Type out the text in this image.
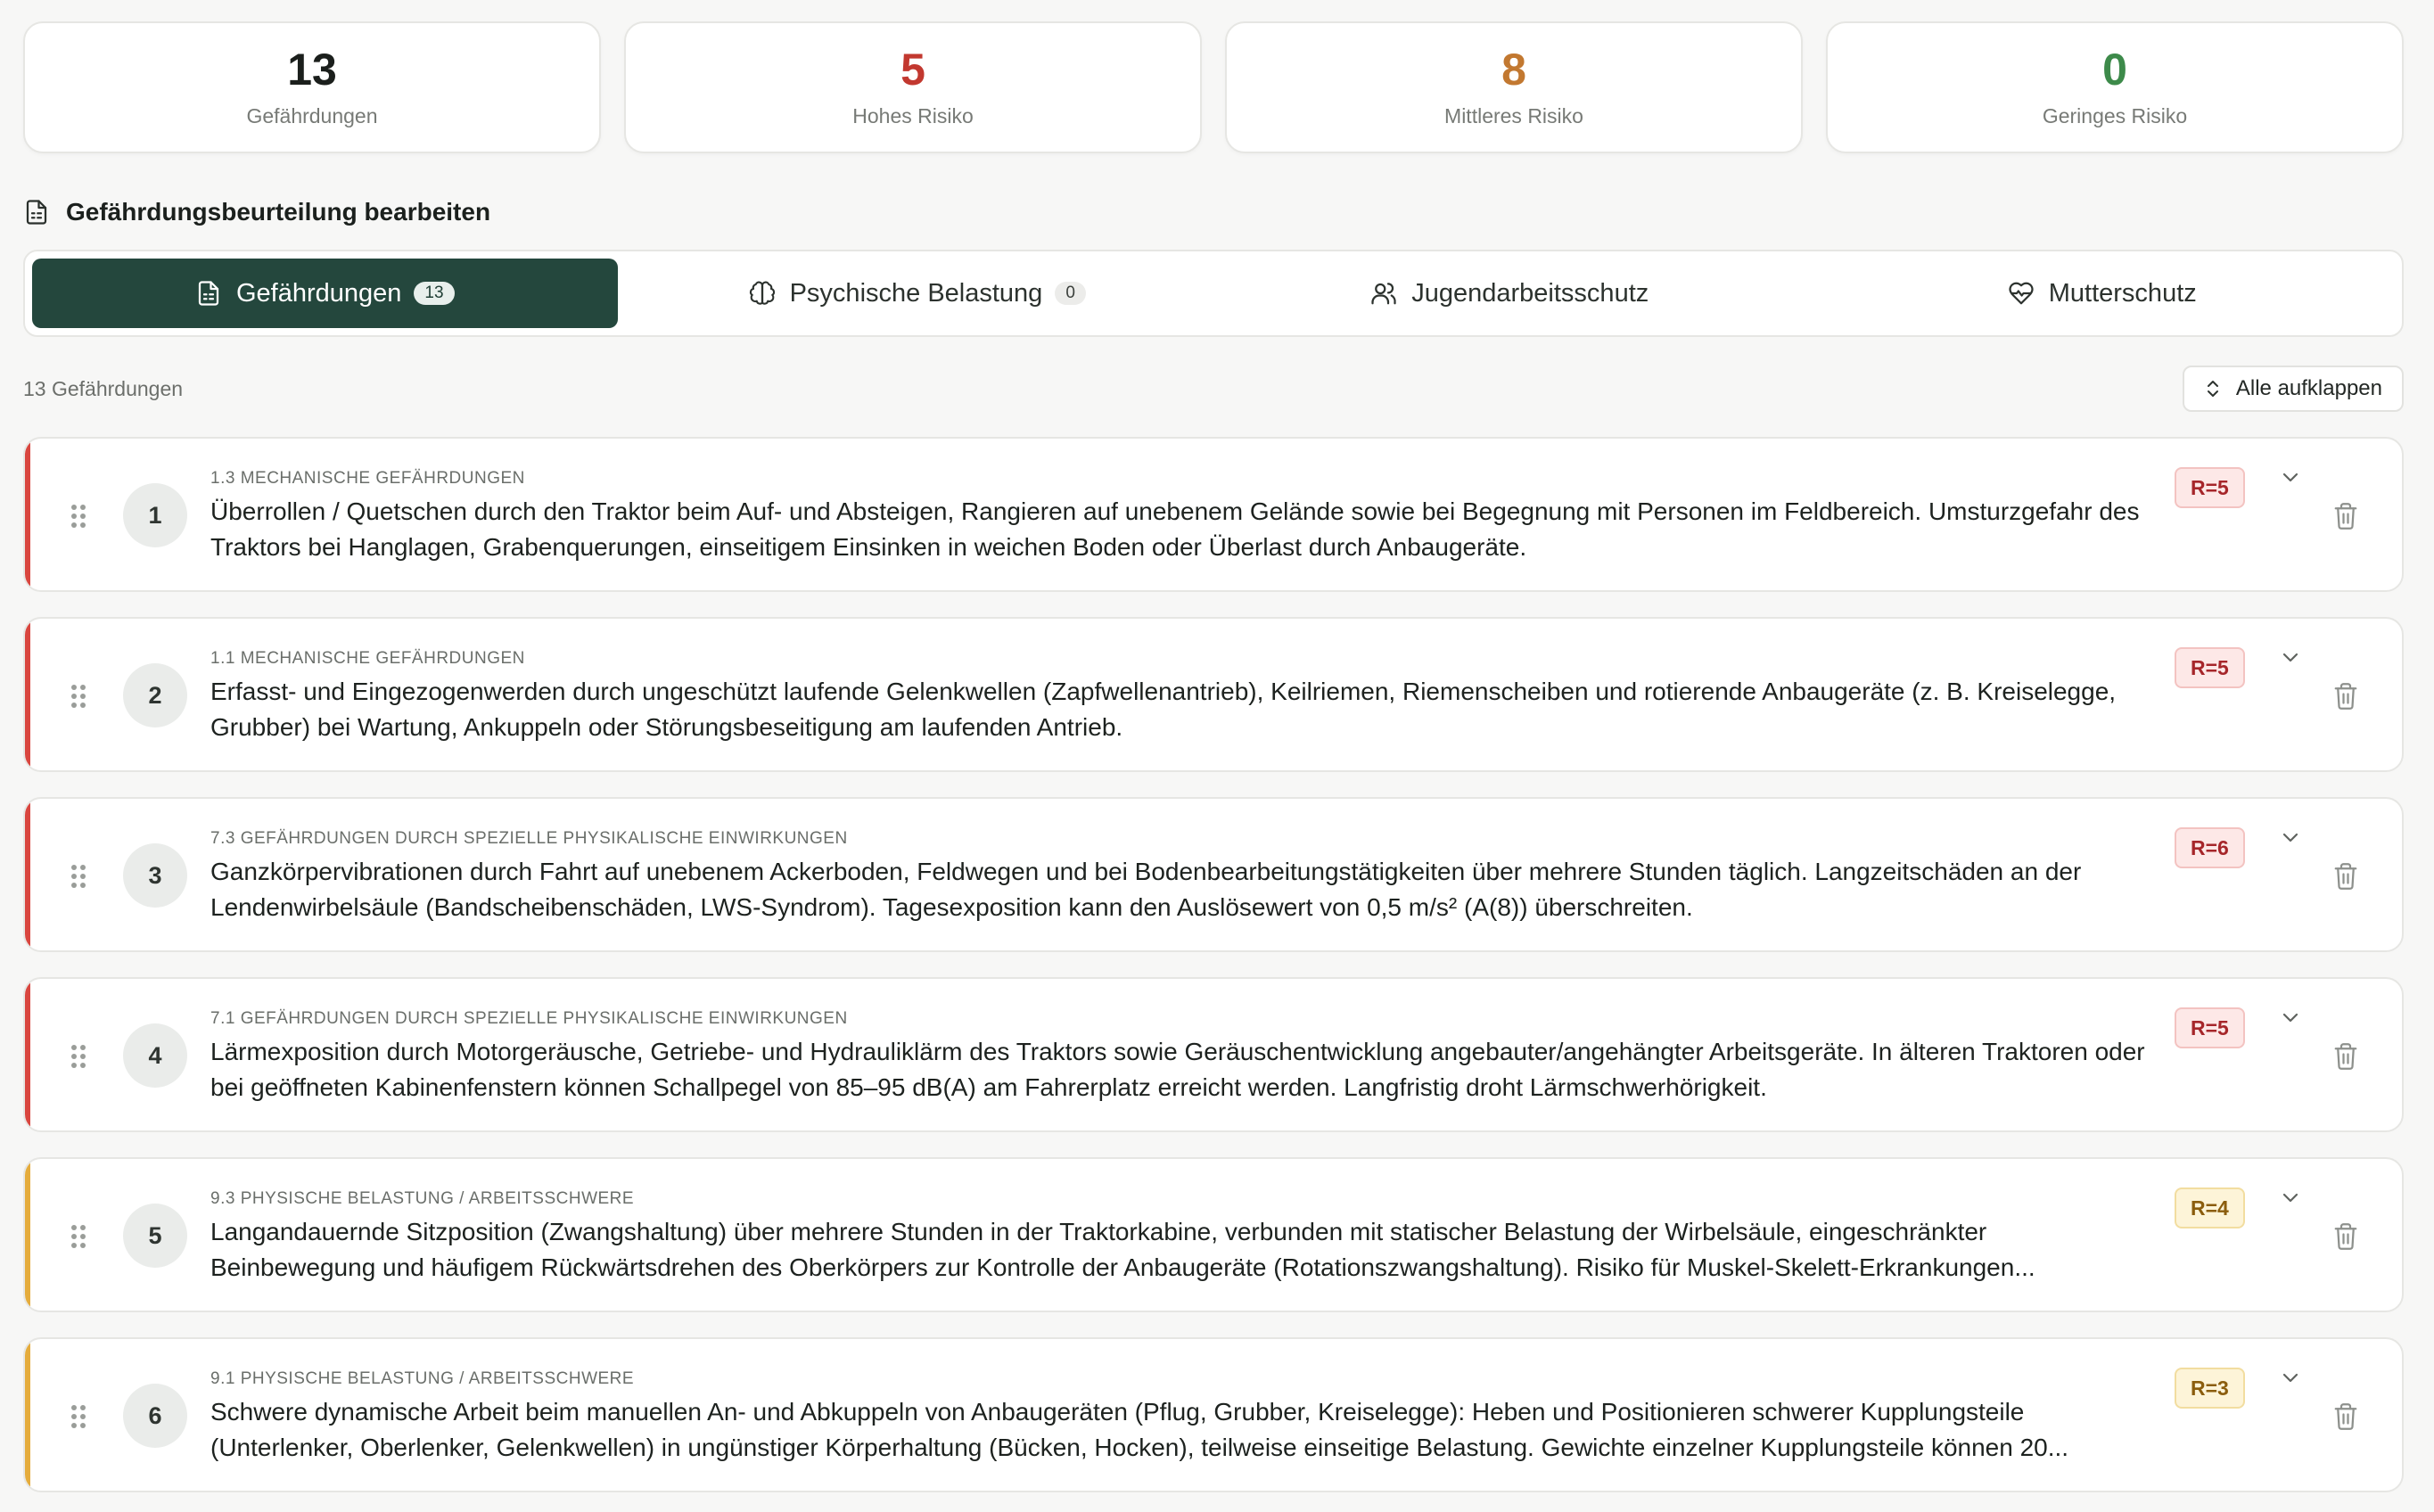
13
Gefährdungen
5
Hohes Risiko
8
Mittleres Risiko
0
Geringes Risiko
Gefährdungsbeurteilung bearbeiten
Gefährdungen	13	Psychische Belastung	0	Jugendarbeitsschutz	Mutterschutz
13 Gefährdungen	Alle aufklappen
1
1.3 MECHANISCHE GEFÄHRDUNGEN
Überrollen / Quetschen durch den Traktor beim Auf- und Absteigen, Rangieren auf unebenem Gelände sowie bei Begegnung mit Personen im Feldbereich. Umsturzgefahr des Traktors bei Hanglagen, Grabenquerungen, einseitigem Einsinken in weichen Boden oder Überlast durch Anbaugeräte.
R=5
2
1.1 MECHANISCHE GEFÄHRDUNGEN
Erfasst- und Eingezogenwerden durch ungeschützt laufende Gelenkwellen (Zapfwellenantrieb), Keilriemen, Riemenscheiben und rotierende Anbaugeräte (z. B. Kreiselegge, Grubber) bei Wartung, Ankuppeln oder Störungsbeseitigung am laufenden Antrieb.
R=5
3
7.3 GEFÄHRDUNGEN DURCH SPEZIELLE PHYSIKALISCHE EINWIRKUNGEN
Ganzkörpervibrationen durch Fahrt auf unebenem Ackerboden, Feldwegen und bei Bodenbearbeitungstätigkeiten über mehrere Stunden täglich. Langzeitschäden an der Lendenwirbelsäule (Bandscheibenschäden, LWS-Syndrom). Tagesexposition kann den Auslösewert von 0,5 m/s² (A(8)) überschreiten.
R=6
4
7.1 GEFÄHRDUNGEN DURCH SPEZIELLE PHYSIKALISCHE EINWIRKUNGEN
Lärmexposition durch Motorgeräusche, Getriebe- und Hydrauliklärm des Traktors sowie Geräuschentwicklung angebauter/angehängter Arbeitsgeräte. In älteren Traktoren oder bei geöffneten Kabinenfenstern können Schallpegel von 85–95 dB(A) am Fahrerplatz erreicht werden. Langfristig droht Lärmschwerhörigkeit.
R=5
5
9.3 PHYSISCHE BELASTUNG / ARBEITSSCHWERE
Langandauernde Sitzposition (Zwangshaltung) über mehrere Stunden in der Traktorkabine, verbunden mit statischer Belastung der Wirbelsäule, eingeschränkter Beinbewegung und häufigem Rückwärtsdrehen des Oberkörpers zur Kontrolle der Anbaugeräte (Rotationszwangshaltung). Risiko für Muskel-Skelett-Erkrankungen...
R=4
6
9.1 PHYSISCHE BELASTUNG / ARBEITSSCHWERE
Schwere dynamische Arbeit beim manuellen An- und Abkuppeln von Anbaugeräten (Pflug, Grubber, Kreiselegge): Heben und Positionieren schwerer Kupplungsteile (Unterlenker, Oberlenker, Gelenkwellen) in ungünstiger Körperhaltung (Bücken, Hocken), teilweise einseitige Belastung. Gewichte einzelner Kupplungsteile können 20...
R=3
